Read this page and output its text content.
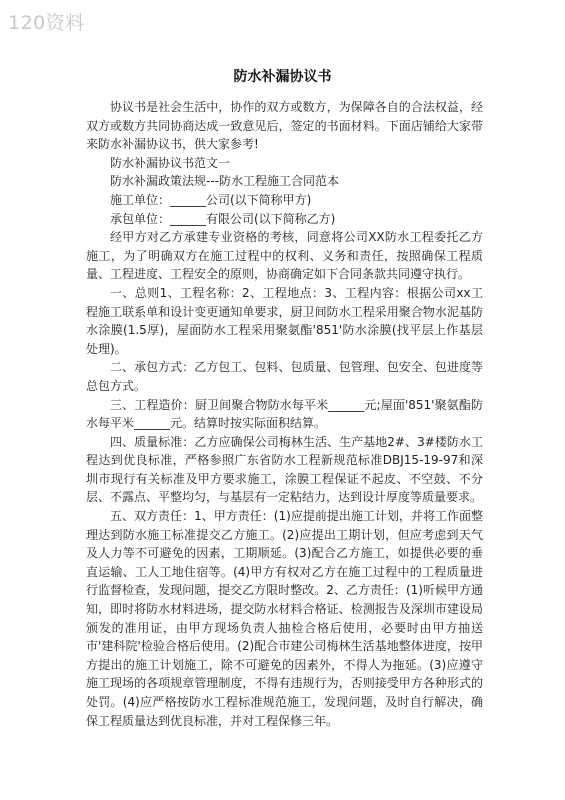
120资料
防水补漏协议书

协议书是社会生活中，协作的双方或数方，为保障各自的合法权益，经双方或数方共同协商达成一致意见后，签定的书面材料。下面店铺给大家带来防水补漏协议书，供大家参考!

防水补漏协议书范文一

防水补漏政策法规---防水工程施工合同范本

施工单位：______公司(以下简称甲方)

承包单位：______有限公司(以下简称乙方)

经甲方对乙方承建专业资格的考核，同意将公司XX防水工程委托乙方施工，为了明确双方在施工过程中的权利、义务和责任，按照确保工程质量、工程进度、工程安全的原则，协商确定如下合同条款共同遵守执行。

一、总则1、工程名称：2、工程地点：3、工程内容：根据公司xx工程施工联系单和设计变更通知单要求，厨卫间防水工程采用聚合物水泥基防水涂膜(1.5厚)，屋面防水工程采用聚氨酯'851'防水涂膜(找平层上作基层处理)。

二、承包方式：乙方包工、包料、包质量、包管理、包安全、包进度等总包方式。

三、工程造价：厨卫间聚合物防水每平米______元;屋面'851'聚氨酯防水每平米______元。结算时按实际面积结算。

四、质量标准：乙方应确保公司梅林生活、生产基地2#、3#楼防水工程达到优良标准，严格参照广东省防水工程新规范标准DBJ15-19-97和深圳市现行有关标准及甲方要求施工，涂膜工程保证不起皮、不空鼓、不分层、不露点、平整均匀，与基层有一定粘结力，达到设计厚度等质量要求。

五、双方责任：1、甲方责任：(1)应提前提出施工计划，并将工作面整理达到防水施工标准提交乙方施工。(2)应提出工期计划，但应考虑到天气及人力等不可避免的因素，工期顺延。(3)配合乙方施工，如提供必要的垂直运输、工人工地住宿等。(4)甲方有权对乙方在施工过程中的工程质量进行监督检查，发现问题，提交乙方限时整改。2、乙方责任：(1)听候甲方通知，即时将防水材料进场，提交防水材料合格证、检测报告及深圳市建设局颁发的准用证，由甲方现场负责人抽检合格后使用，必要时由甲方抽送市'建科院'检验合格后使用。(2)配合市建公司梅林生活基地整体进度，按甲方提出的施工计划施工，除不可避免的因素外，不得人为拖延。(3)应遵守施工现场的各项规章管理制度，不得有违规行为，否则接受甲方各种形式的处罚。(4)应严格按防水工程标准规范施工，发现问题，及时自行解决，确保工程质量达到优良标准，并对工程保修三年。
